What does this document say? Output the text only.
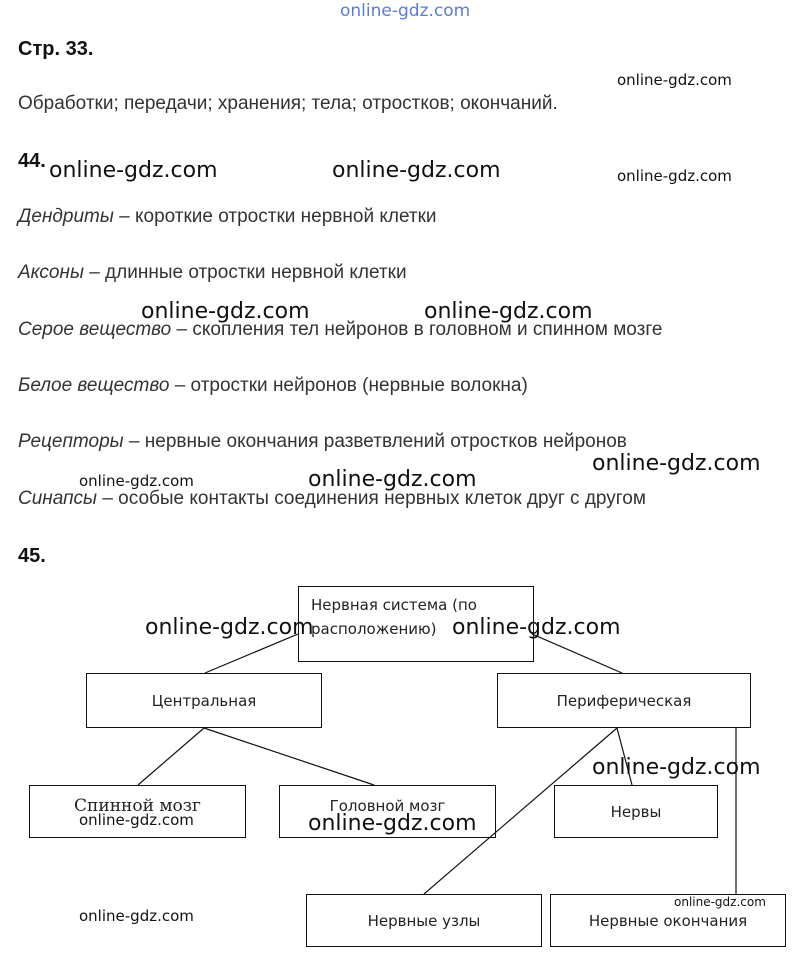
online-gdz.com
Стр. 33.
online-gdz.com
Обработки; передачи; хранения; тела; отростков; окончаний.
44. online-gdz.com	online-gdz.com	online-gdz.com
Дендриты – короткие отростки нервной клетки
Аксоны – длинные отростки нервной клетки
online-gdz.com	online-gdz.com
Серое вещество – скопления тел нейронов в головном и спинном мозге
Белое вещество – отростки нейронов (нервные волокна)
Рецепторы – нервные окончания разветвлений отростков нейронов
online-gdz.com
online-gdz.com	online-gdz.com
Синапсы – особые контакты соединения нервных клеток друг с другом
45.
Нервная система (по расположению)
Центральная	Периферическая
Спинной мозг	Головной мозг	Нервы
Нервные узлы	Нервные окончания
online-gdz.com	online-gdz.com
online-gdz.com
online-gdz.com	online-gdz.com
online-gdz.com
online-gdz.com
